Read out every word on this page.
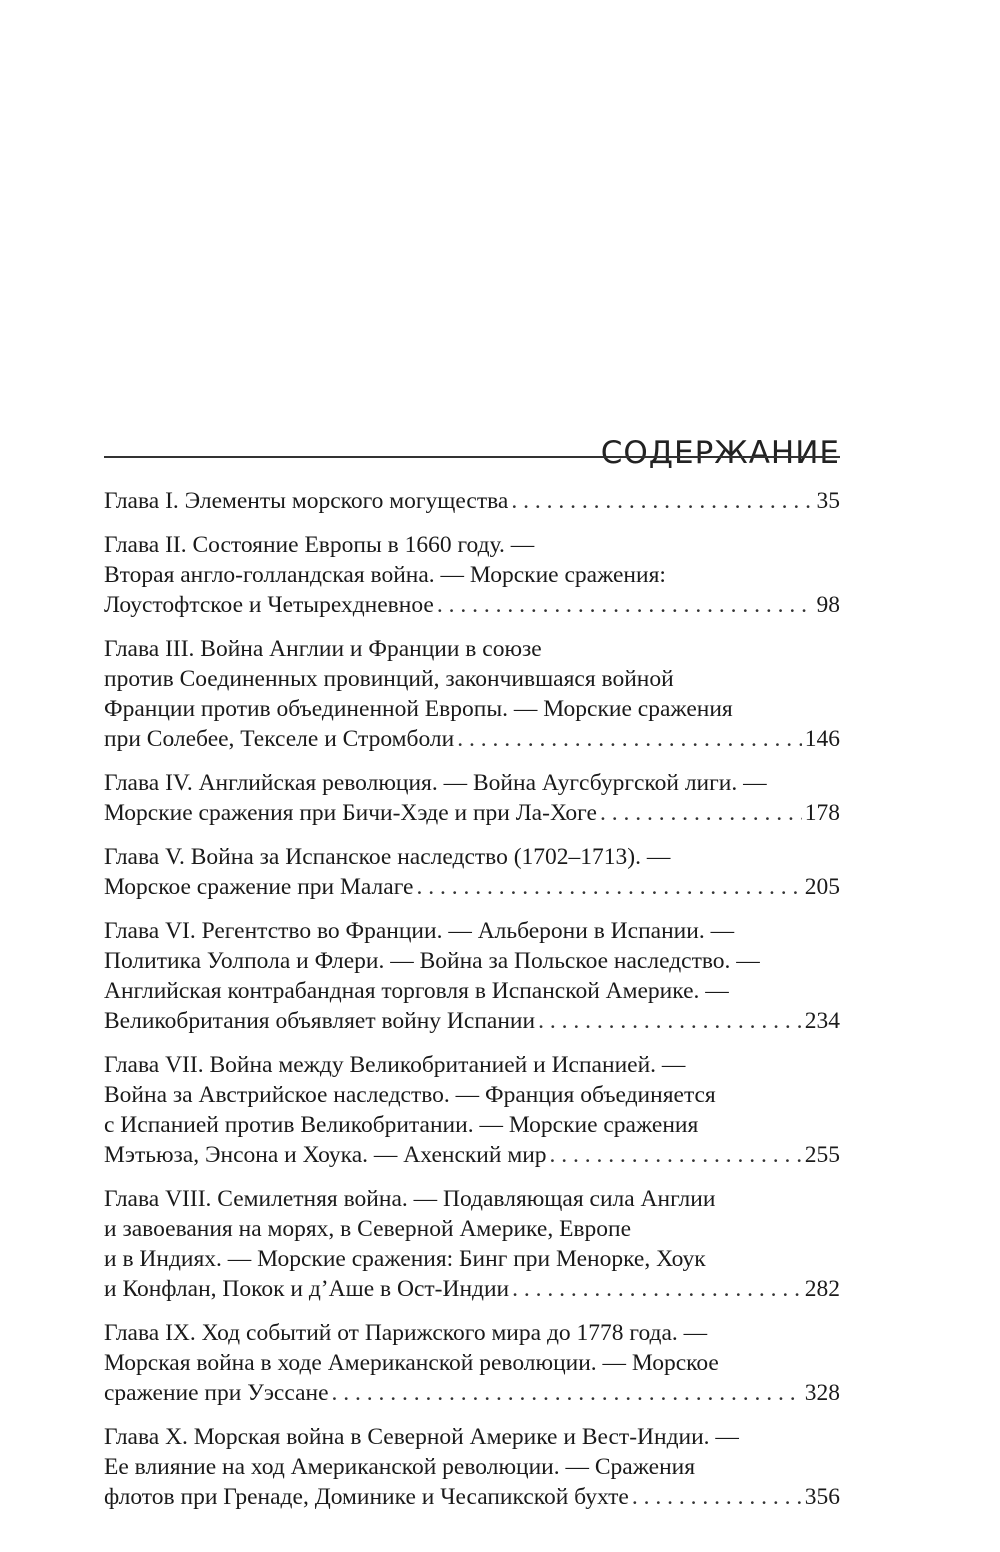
СОДЕРЖАНИЕ
Глава I. Элементы морского могущества . . .	35
Глава II. Состояние Европы в 1660 году. —
Вторая англо-голландская война. — Морские сражения:
Лоустофтское и Четырехдневное . . .	98
Глава III. Война Англии и Франции в союзе
против Соединенных провинций, закончившаяся войной
Франции против объединенной Европы. — Морские сражения
при Солебее, Текселе и Стромболи . . .	146
Глава IV. Английская революция. — Война Аугсбургской лиги. —
Морские сражения при Бичи-Хэде и при Ла-Хоге . . .	178
Глава V. Война за Испанское наследство (1702–1713). —
Морское сражение при Малаге . . .	205
Глава VI. Регентство во Франции. — Альберони в Испании. —
Политика Уолпола и Флери. — Война за Польское наследство. —
Английская контрабандная торговля в Испанской Америке. —
Великобритания объявляет войну Испании . . .	234
Глава VII. Война между Великобританией и Испанией. —
Война за Австрийское наследство. — Франция объединяется
с Испанией против Великобритании. — Морские сражения
Мэтьюза, Энсона и Хоука. — Ахенский мир . . .	255
Глава VIII. Семилетняя война. — Подавляющая сила Англии
и завоевания на морях, в Северной Америке, Европе
и в Индиях. — Морские сражения: Бинг при Менорке, Хоук
и Конфлан, Покок и д’Аше в Ост-Индии . . .	282
Глава IX. Ход событий от Парижского мира до 1778 года. —
Морская война в ходе Американской революции. — Морское
сражение при Уэссане . . .	328
Глава X. Морская война в Северной Америке и Вест-Индии. —
Ее влияние на ход Американской революции. — Сражения
флотов при Гренаде, Доминике и Чесапикской бухте . . .	356
